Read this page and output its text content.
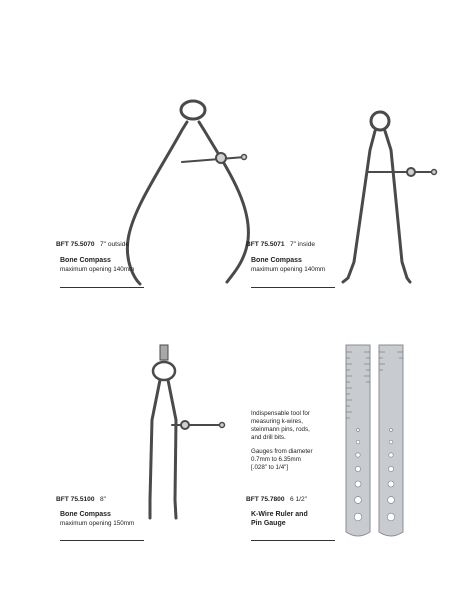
BFT 75.5070 7" outside
Bone Compass
maximum opening 140mm
BFT 75.5071 7" inside
Bone Compass
maximum opening 140mm
BFT 75.5100 8"
Bone Compass
maximum opening 150mm
Indispensable tool for
measuring k-wires,
steinmann pins, rods,
and drill bits.
Gauges from diameter
0.7mm to 6.35mm
[.028" to 1/4"]
BFT 75.7800 6 1/2"
K-Wire Ruler and
Pin Gauge
